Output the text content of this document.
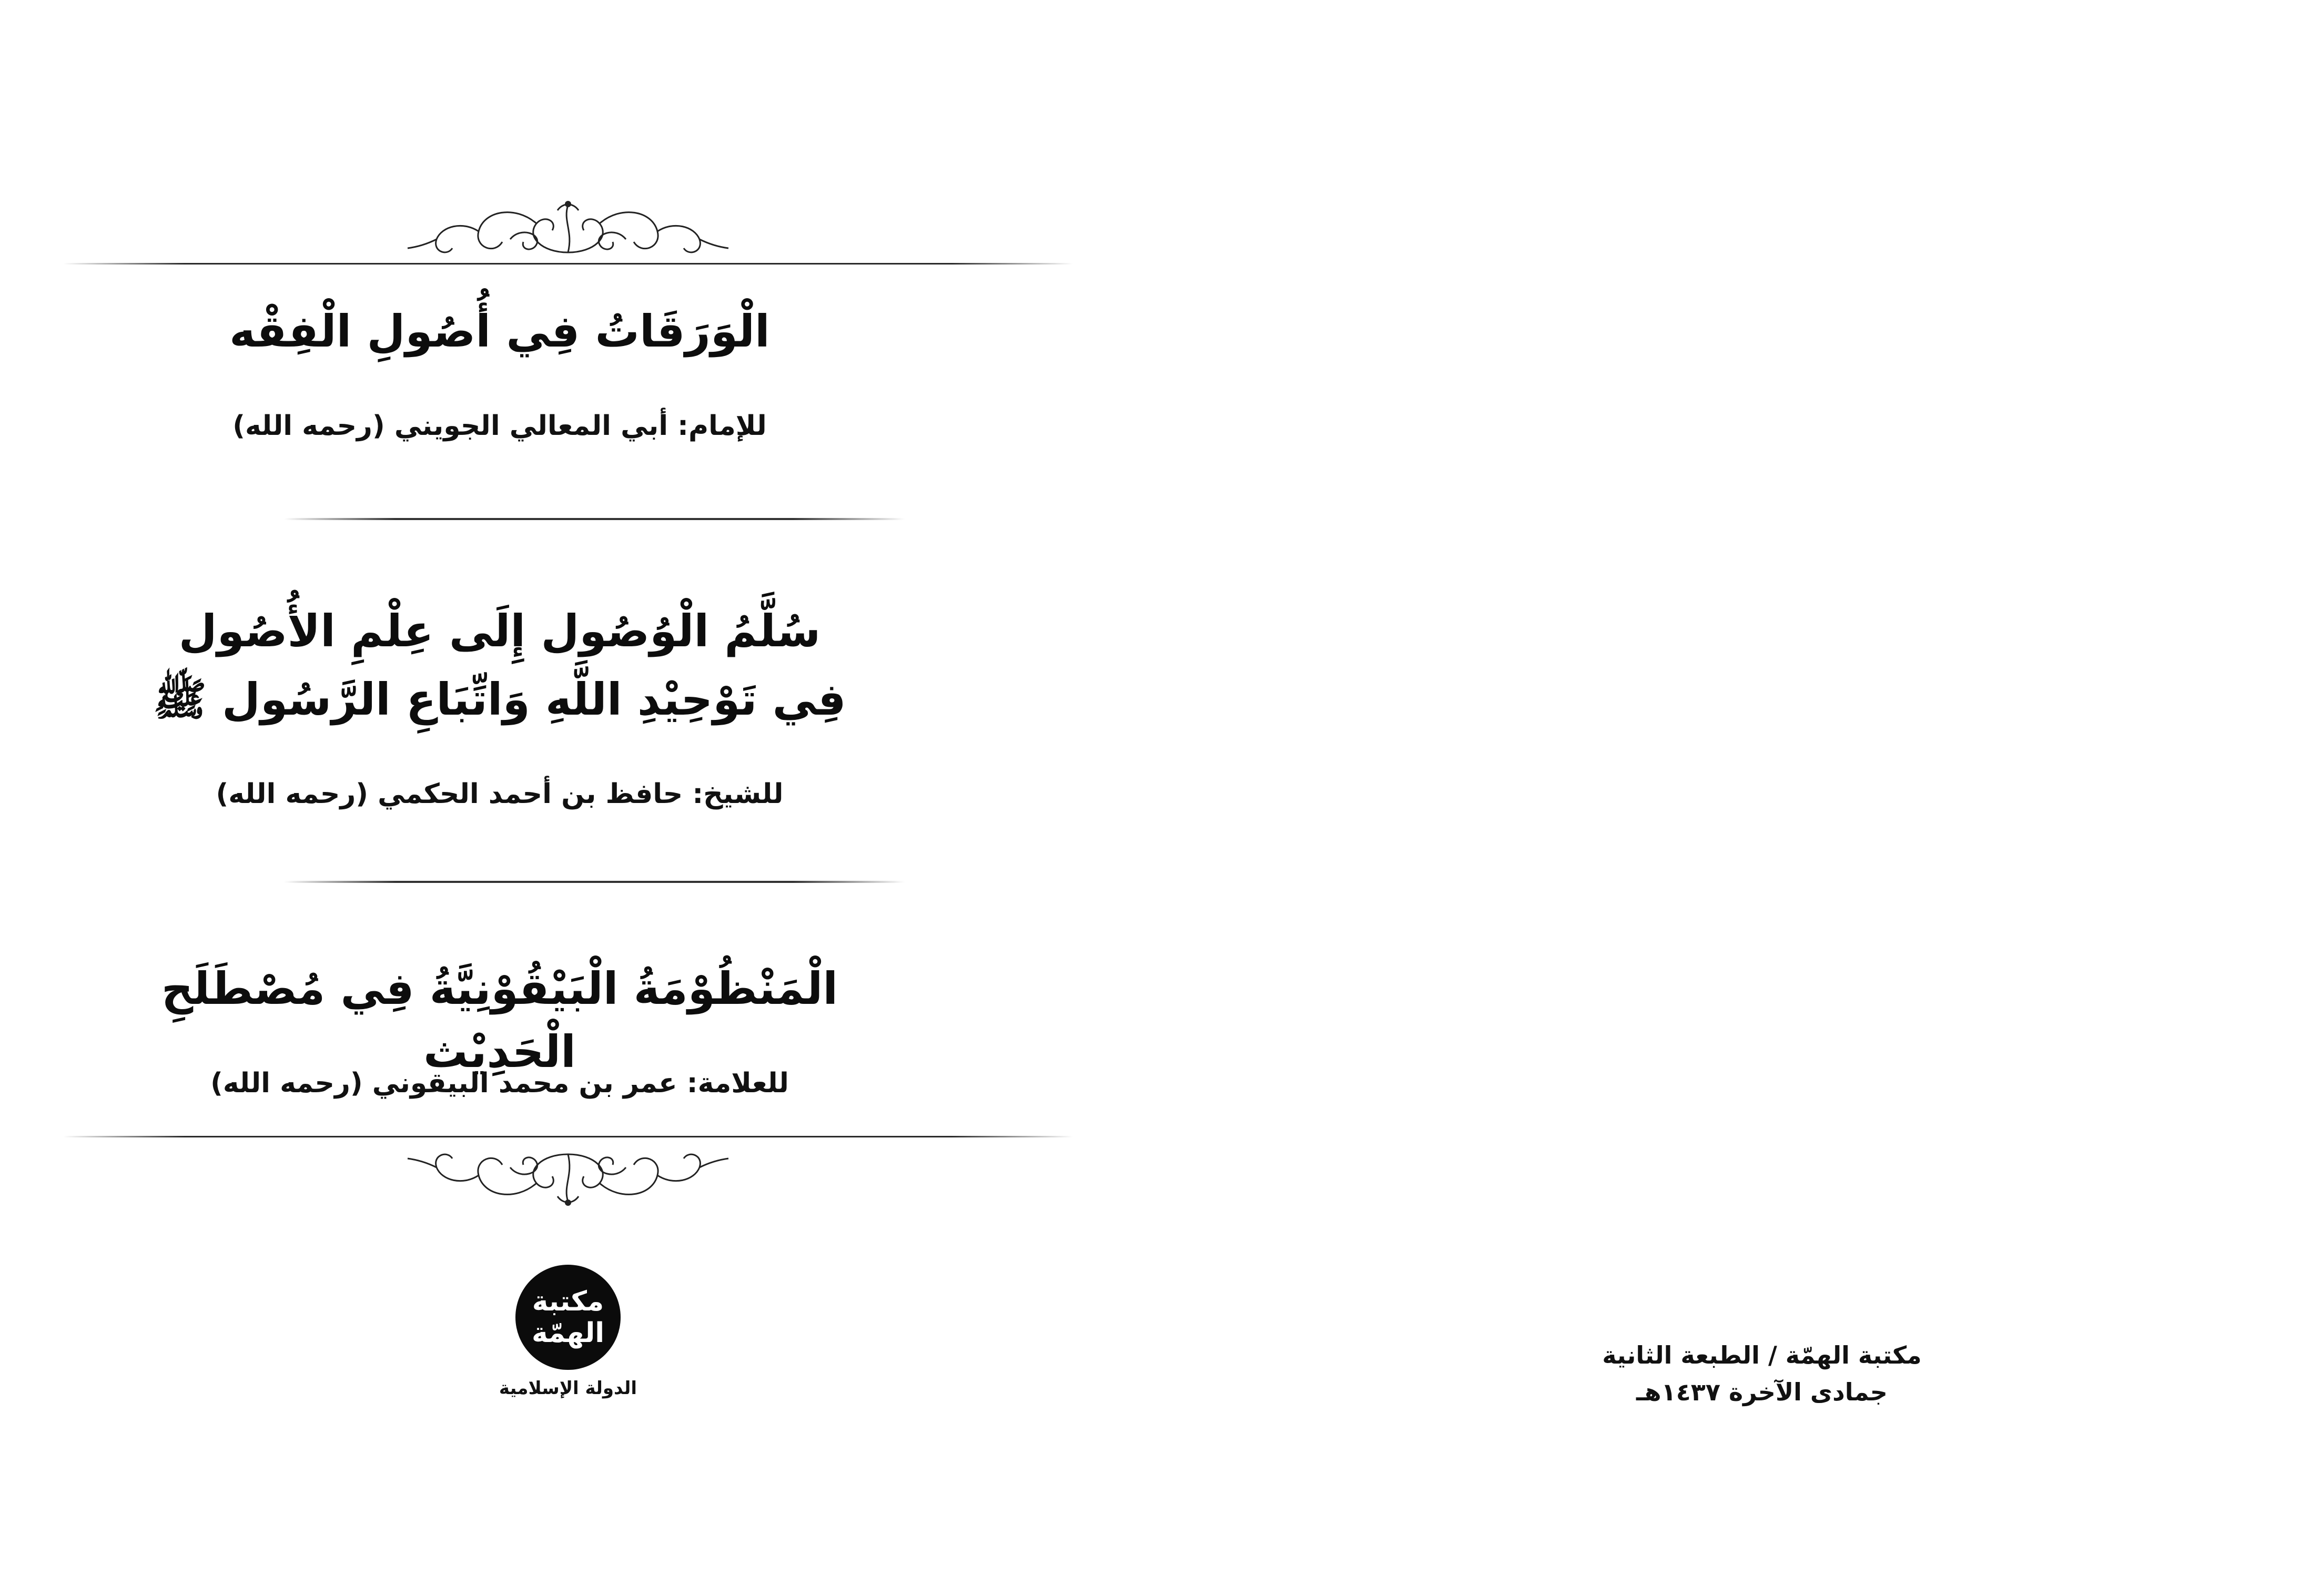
الْوَرَقَاتُ فِي أُصُولِ الْفِقْه
للإمام: أبي المعالي الجويني (رحمه الله)
سُلَّمُ الْوُصُول إِلَى عِلْمِ الأُصُول
فِي تَوْحِيْدِ اللَّهِ وَاتِّبَاعِ الرَّسُول ﷺ
للشيخ: حافظ بن أحمد الحكمي (رحمه الله)
الْمَنْظُوْمَةُ الْبَيْقُوْنِيَّةُ فِي مُصْطَلَحِ الْحَدِيْث
للعلامة: عمر بن محمد البيقوني (رحمه الله)
مكتبة
الهمّة
الدولة الإسلامية
مكتبة الهمّة / الطبعة الثانية
جمادى الآخرة ١٤٣٧هـ
